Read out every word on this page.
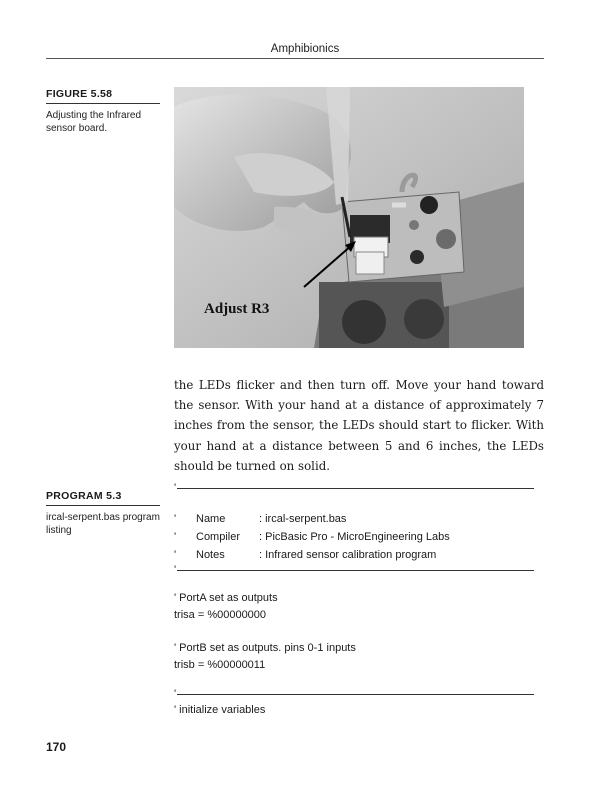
Amphibionics
FIGURE 5.58
Adjusting the Infrared sensor board.
Adjust R3
the LEDs flicker and then turn off. Move your hand toward the sensor. With your hand at a distance of approximately 7 inches from the sensor, the LEDs should start to flicker. With your hand at a distance between 5 and 6 inches, the LEDs should be turned on solid.
PROGRAM 5.3
ircal-serpent.bas program listing
'
'	Name	: ircal-serpent.bas
'	Compiler	: PicBasic Pro - MicroEngineering Labs
'	Notes	: Infrared sensor calibration program
'
' PortA set as outputs
trisa = %00000000
' PortB set as outputs. pins 0-1 inputs
trisb = %00000011
'
' initialize variables
170
